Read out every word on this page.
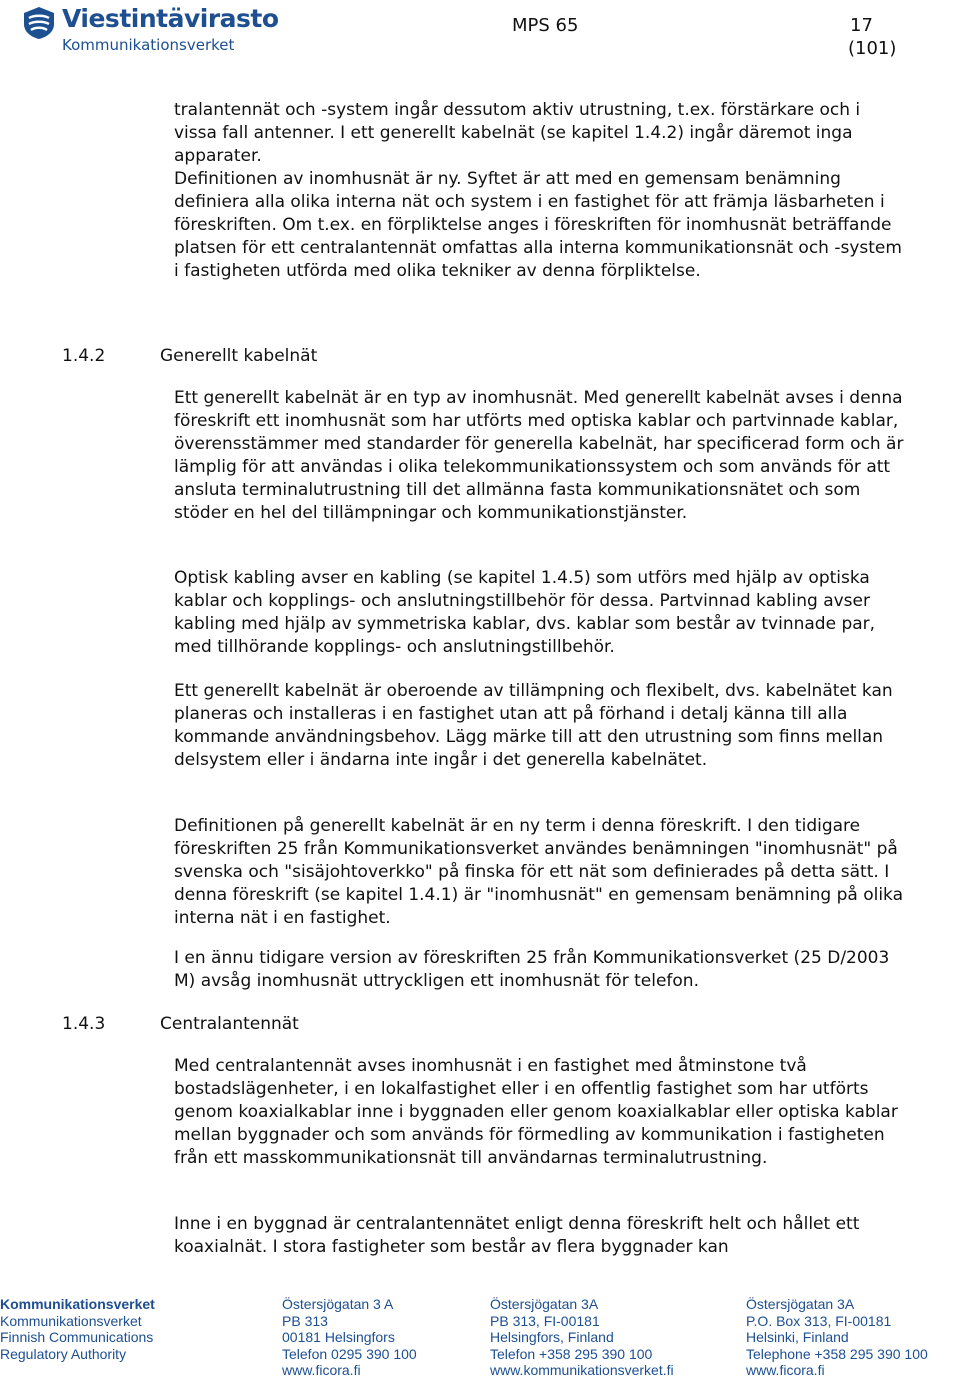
Viestintävirasto
Kommunikationsverket
MPS 65	17
(101)

tralantennät och -system ingår dessutom aktiv utrustning, t.ex. förstärkare och i vissa fall antenner. I ett generellt kabelnät (se kapitel 1.4.2) ingår däremot inga apparater.

Definitionen av inomhusnät är ny. Syftet är att med en gemensam benämning definiera alla olika interna nät och system i en fastighet för att främja läsbarheten i föreskriften. Om t.ex. en förpliktelse anges i föreskriften för inomhusnät beträffande platsen för ett centralantennät omfattas alla interna kommunikationsnät och -system i fastigheten utförda med olika tekniker av denna förpliktelse.

1.4.2	Generellt kabelnät

Ett generellt kabelnät är en typ av inomhusnät. Med generellt kabelnät avses i denna föreskrift ett inomhusnät som har utförts med optiska kablar och partvinnade kablar, överensstämmer med standarder för generella kabelnät, har specificerad form och är lämplig för att användas i olika telekommunikationssystem och som används för att ansluta terminalutrustning till det allmänna fasta kommunikationsnätet och som stöder en hel del tillämpningar och kommunikationstjänster.

Optisk kabling avser en kabling (se kapitel 1.4.5) som utförs med hjälp av optiska kablar och kopplings- och anslutningstillbehör för dessa. Partvinnad kabling avser kabling med hjälp av symmetriska kablar, dvs. kablar som består av tvinnade par, med tillhörande kopplings- och anslutningstillbehör.

Ett generellt kabelnät är oberoende av tillämpning och flexibelt, dvs. kabelnätet kan planeras och installeras i en fastighet utan att på förhand i detalj känna till alla kommande användningsbehov. Lägg märke till att den utrustning som finns mellan delsystem eller i ändarna inte ingår i det generella kabelnätet.

Definitionen på generellt kabelnät är en ny term i denna föreskrift. I den tidigare föreskriften 25 från Kommunikationsverket användes benämningen "inomhusnät" på svenska och "sisäjohtoverkko" på finska för ett nät som definierades på detta sätt. I denna föreskrift (se kapitel 1.4.1) är "inomhusnät" en gemensam benämning på olika interna nät i en fastighet.

I en ännu tidigare version av föreskriften 25 från Kommunikationsverket (25 D/2003 M) avsåg inomhusnät uttryckligen ett inomhusnät för telefon.

1.4.3	Centralantennät

Med centralantennät avses inomhusnät i en fastighet med åtminstone två bostadslägenheter, i en lokalfastighet eller i en offentlig fastighet som har utförts genom koaxialkablar inne i byggnaden eller genom koaxialkablar eller optiska kablar mellan byggnader och som används för förmedling av kommunikation i fastigheten från ett masskommunikationsnät till användarnas terminalutrustning.

Inne i en byggnad är centralantennätet enligt denna föreskrift helt och hållet ett koaxialnät. I stora fastigheter som består av flera byggnader kan

Kommunikationsverket
Kommunikationsverket
Finnish Communications
Regulatory Authority
Östersjögatan 3 A
PB 313
00181 Helsingfors
Telefon 0295 390 100
www.ficora.fi
Östersjögatan 3A
PB 313, FI-00181
Helsingfors, Finland
Telefon +358 295 390 100
www.kommunikationsverket.fi
Östersjögatan 3A
P.O. Box 313, FI-00181
Helsinki, Finland
Telephone +358 295 390 100
www.ficora.fi
